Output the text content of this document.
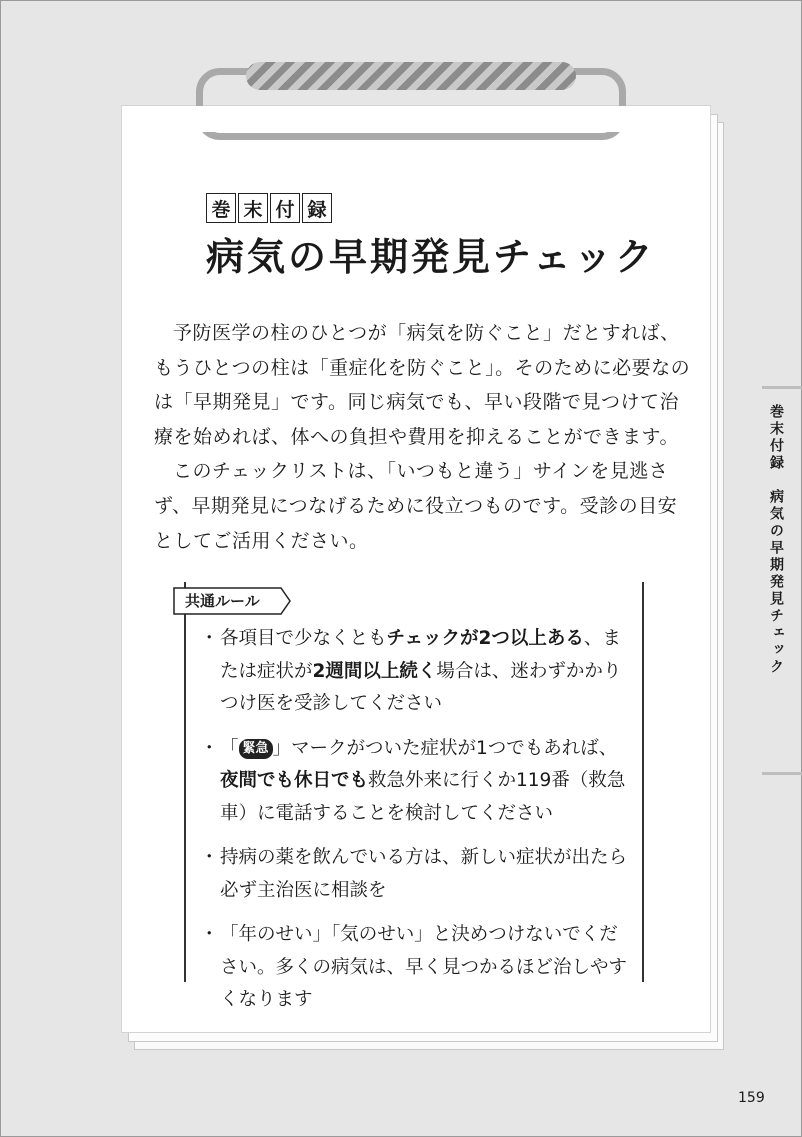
巻 末 付 録
病気の早期発見チェック

予防医学の柱のひとつが「病気を防ぐこと」だとすれば、もうひとつの柱は「重症化を防ぐこと」。そのために必要なのは「早期発見」です。同じ病気でも、早い段階で見つけて治療を始めれば、体への負担や費用を抑えることができます。

このチェックリストは、「いつもと違う」サインを見逃さず、早期発見につなげるために役立つものです。受診の目安としてご活用ください。

共通ルール
・ 各項目で少なくともチェックが2つ以上ある、または症状が2週間以上続く場合は、迷わずかかりつけ医を受診してください
・ 「 緊急 」マークがついた症状が1つでもあれば、夜間でも休日でも救急外来に行くか119番（救急車）に電話することを検討してください
・ 持病の薬を飲んでいる方は、新しい症状が出たら必ず主治医に相談を
・ 「年のせい」「気のせい」と決めつけないでください。多くの病気は、早く見つかるほど治しやすくなります
巻末付録　病気の早期発見チェック
159
